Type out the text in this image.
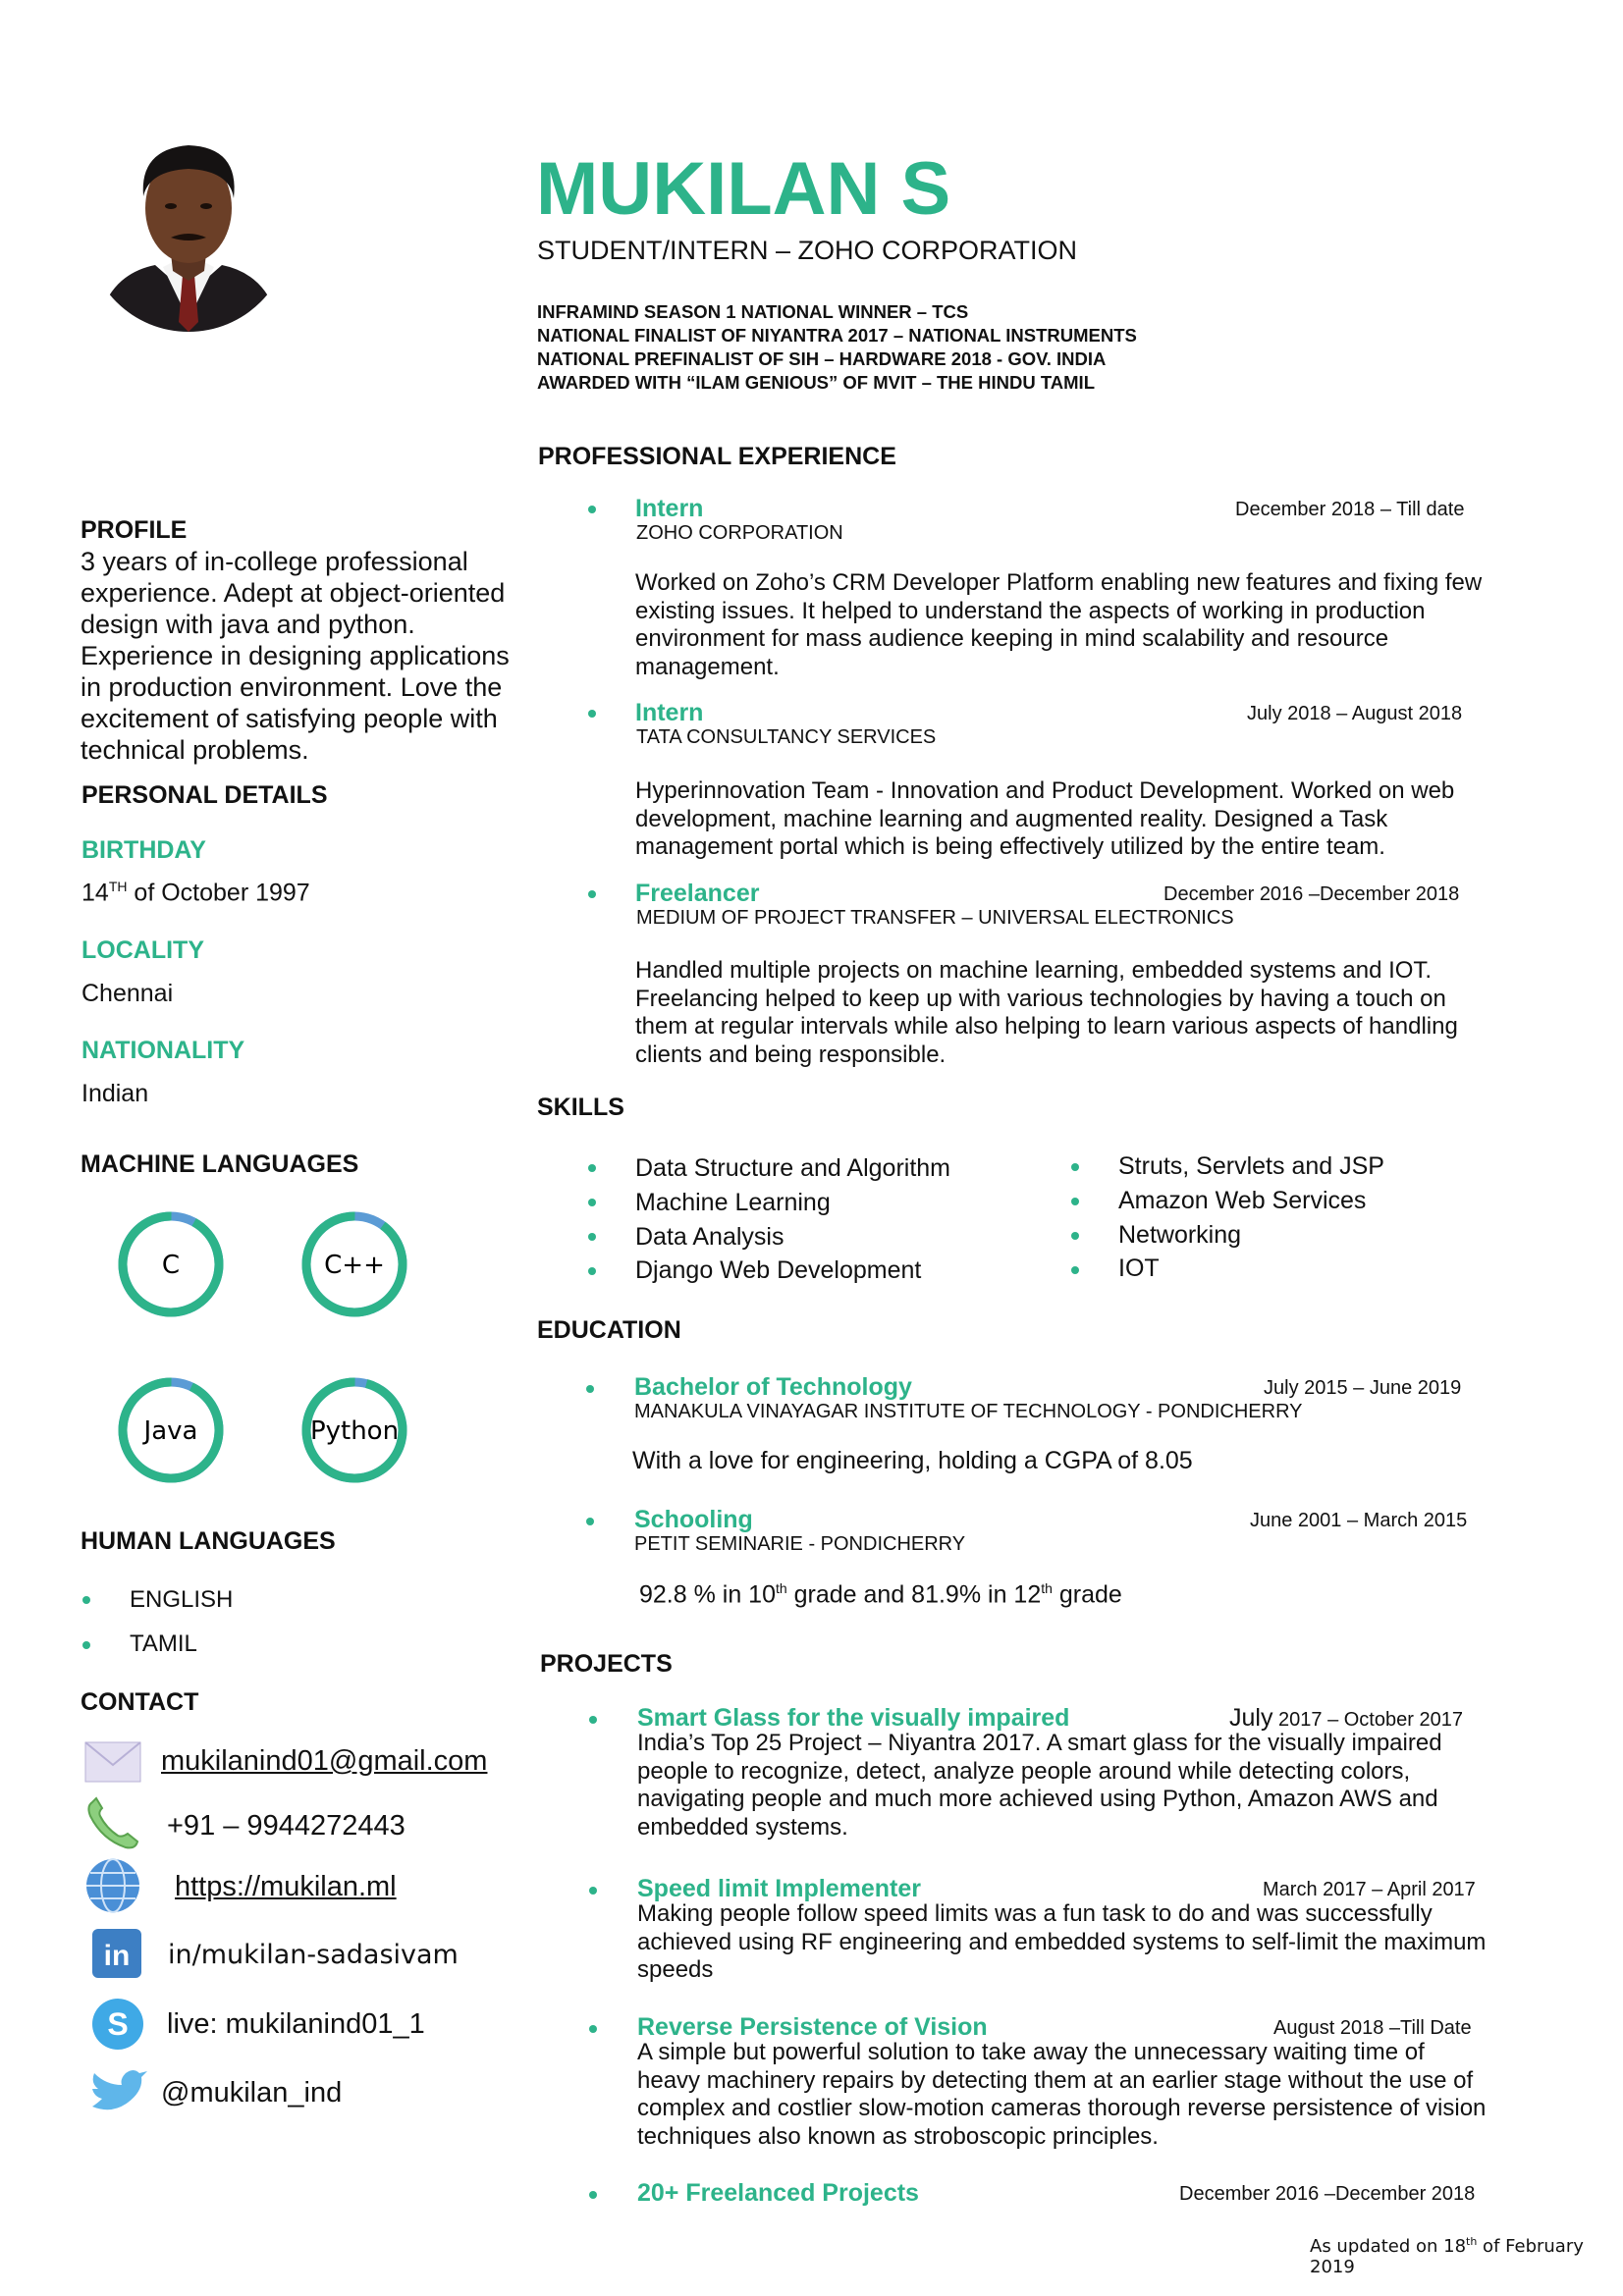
MUKILAN S
STUDENT/INTERN – ZOHO CORPORATION
INFRAMIND SEASON 1 NATIONAL WINNER – TCS
NATIONAL FINALIST OF NIYANTRA 2017 – NATIONAL INSTRUMENTS
NATIONAL PREFINALIST OF SIH – HARDWARE 2018 - GOV. INDIA
AWARDED WITH “ILAM GENIOUS” OF MVIT – THE HINDU TAMIL
PROFILE
3 years of in-college professional
experience. Adept at object-oriented
design with java and python.
Experience in designing applications
in production environment. Love the
excitement of satisfying people with
technical problems.
PERSONAL DETAILS
BIRTHDAY
14TH of October 1997
LOCALITY
Chennai
NATIONALITY
Indian
MACHINE LANGUAGES
C	C++
Java	Python
HUMAN LANGUAGES
ENGLISH
TAMIL
CONTACT
in
S
mukilanind01@gmail.com
+91 – 9944272443
https://mukilan.ml
in/mukilan-sadasivam
live: mukilanind01_1
@mukilan_ind
PROFESSIONAL EXPERIENCE
Intern	December 2018 – Till date
ZOHO CORPORATION
Worked on Zoho’s CRM Developer Platform enabling new features and fixing few
existing issues. It helped to understand the aspects of working in production
environment for mass audience keeping in mind scalability and resource
management.
Intern	July 2018 – August 2018
TATA CONSULTANCY SERVICES
Hyperinnovation Team - Innovation and Product Development. Worked on web
development, machine learning and augmented reality. Designed a Task
management portal which is being effectively utilized by the entire team.
Freelancer	December 2016 –December 2018
MEDIUM OF PROJECT TRANSFER – UNIVERSAL ELECTRONICS
Handled multiple projects on machine learning, embedded systems and IOT.
Freelancing helped to keep up with various technologies by having a touch on
them at regular intervals while also helping to learn various aspects of handling
clients and being responsible.
SKILLS
Data Structure and Algorithm
Machine Learning
Data Analysis
Django Web Development
Struts, Servlets and JSP
Amazon Web Services
Networking
IOT
EDUCATION
Bachelor of Technology	July 2015 – June 2019
MANAKULA VINAYAGAR INSTITUTE OF TECHNOLOGY - PONDICHERRY
With a love for engineering, holding a CGPA of 8.05
Schooling	June 2001 – March 2015
PETIT SEMINARIE - PONDICHERRY
92.8 % in 10th grade and 81.9% in 12th grade
PROJECTS
Smart Glass for the visually impaired	July 2017 – October 2017
India’s Top 25 Project – Niyantra 2017. A smart glass for the visually impaired
people to recognize, detect, analyze people around while detecting colors,
navigating people and much more achieved using Python, Amazon AWS and
embedded systems.
Speed limit Implementer	March 2017 – April 2017
Making people follow speed limits was a fun task to do and was successfully
achieved using RF engineering and embedded systems to self-limit the maximum
speeds
Reverse Persistence of Vision	August 2018 –Till Date
A simple but powerful solution to take away the unnecessary waiting time of
heavy machinery repairs by detecting them at an earlier stage without the use of
complex and costlier slow-motion cameras thorough reverse persistence of vision
techniques also known as stroboscopic principles.
20+ Freelanced Projects	December 2016 –December 2018
As updated on 18th of February 2019
